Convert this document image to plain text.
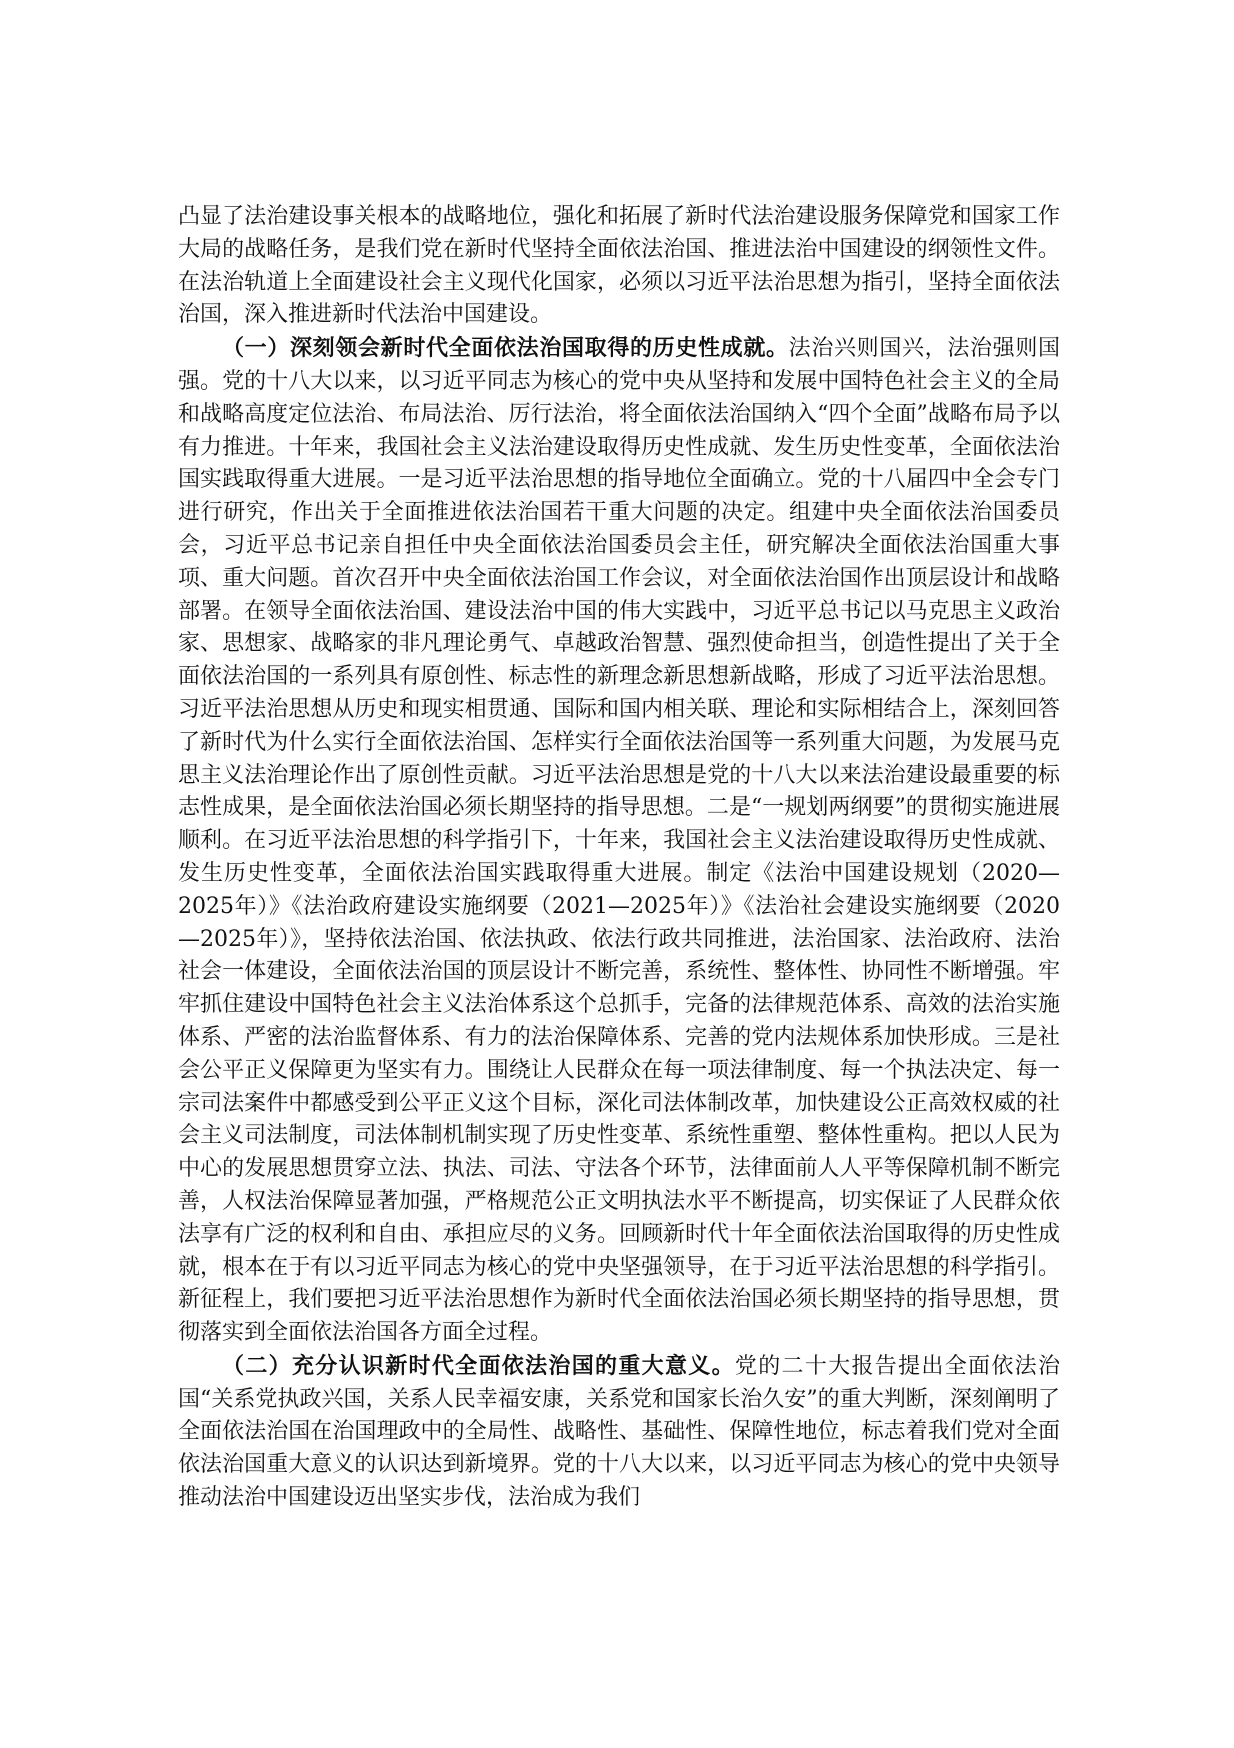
凸显了法治建设事关根本的战略地位，强化和拓展了新时代法治建设服务保障党和国家工作大局的战略任务，是我们党在新时代坚持全面依法治国、推进法治中国建设的纲领性文件。在法治轨道上全面建设社会主义现代化国家，必须以习近平法治思想为指引，坚持全面依法治国，深入推进新时代法治中国建设。

（一）深刻领会新时代全面依法治国取得的历史性成就。法治兴则国兴，法治强则国强。党的十八大以来，以习近平同志为核心的党中央从坚持和发展中国特色社会主义的全局和战略高度定位法治、布局法治、厉行法治，将全面依法治国纳入“四个全面”战略布局予以有力推进。十年来，我国社会主义法治建设取得历史性成就、发生历史性变革，全面依法治国实践取得重大进展。一是习近平法治思想的指导地位全面确立。党的十八届四中全会专门进行研究，作出关于全面推进依法治国若干重大问题的决定。组建中央全面依法治国委员会，习近平总书记亲自担任中央全面依法治国委员会主任，研究解决全面依法治国重大事项、重大问题。首次召开中央全面依法治国工作会议，对全面依法治国作出顶层设计和战略部署。在领导全面依法治国、建设法治中国的伟大实践中，习近平总书记以马克思主义政治家、思想家、战略家的非凡理论勇气、卓越政治智慧、强烈使命担当，创造性提出了关于全面依法治国的一系列具有原创性、标志性的新理念新思想新战略，形成了习近平法治思想。习近平法治思想从历史和现实相贯通、国际和国内相关联、理论和实际相结合上，深刻回答了新时代为什么实行全面依法治国、怎样实行全面依法治国等一系列重大问题，为发展马克思主义法治理论作出了原创性贡献。习近平法治思想是党的十八大以来法治建设最重要的标志性成果，是全面依法治国必须长期坚持的指导思想。二是“一规划两纲要”的贯彻实施进展顺利。在习近平法治思想的科学指引下，十年来，我国社会主义法治建设取得历史性成就、发生历史性变革，全面依法治国实践取得重大进展。制定《法治中国建设规划（2020—2025年）》《法治政府建设实施纲要（2021—2025年）》《法治社会建设实施纲要（2020—2025年）》，坚持依法治国、依法执政、依法行政共同推进，法治国家、法治政府、法治社会一体建设，全面依法治国的顶层设计不断完善，系统性、整体性、协同性不断增强。牢牢抓住建设中国特色社会主义法治体系这个总抓手，完备的法律规范体系、高效的法治实施体系、严密的法治监督体系、有力的法治保障体系、完善的党内法规体系加快形成。三是社会公平正义保障更为坚实有力。围绕让人民群众在每一项法律制度、每一个执法决定、每一宗司法案件中都感受到公平正义这个目标，深化司法体制改革，加快建设公正高效权威的社会主义司法制度，司法体制机制实现了历史性变革、系统性重塑、整体性重构。把以人民为中心的发展思想贯穿立法、执法、司法、守法各个环节，法律面前人人平等保障机制不断完善，人权法治保障显著加强，严格规范公正文明执法水平不断提高，切实保证了人民群众依法享有广泛的权利和自由、承担应尽的义务。回顾新时代十年全面依法治国取得的历史性成就，根本在于有以习近平同志为核心的党中央坚强领导，在于习近平法治思想的科学指引。新征程上，我们要把习近平法治思想作为新时代全面依法治国必须长期坚持的指导思想，贯彻落实到全面依法治国各方面全过程。

（二）充分认识新时代全面依法治国的重大意义。党的二十大报告提出全面依法治国“关系党执政兴国，关系人民幸福安康，关系党和国家长治久安”的重大判断，深刻阐明了全面依法治国在治国理政中的全局性、战略性、基础性、保障性地位，标志着我们党对全面依法治国重大意义的认识达到新境界。党的十八大以来，以习近平同志为核心的党中央领导推动法治中国建设迈出坚实步伐，法治成为我们
